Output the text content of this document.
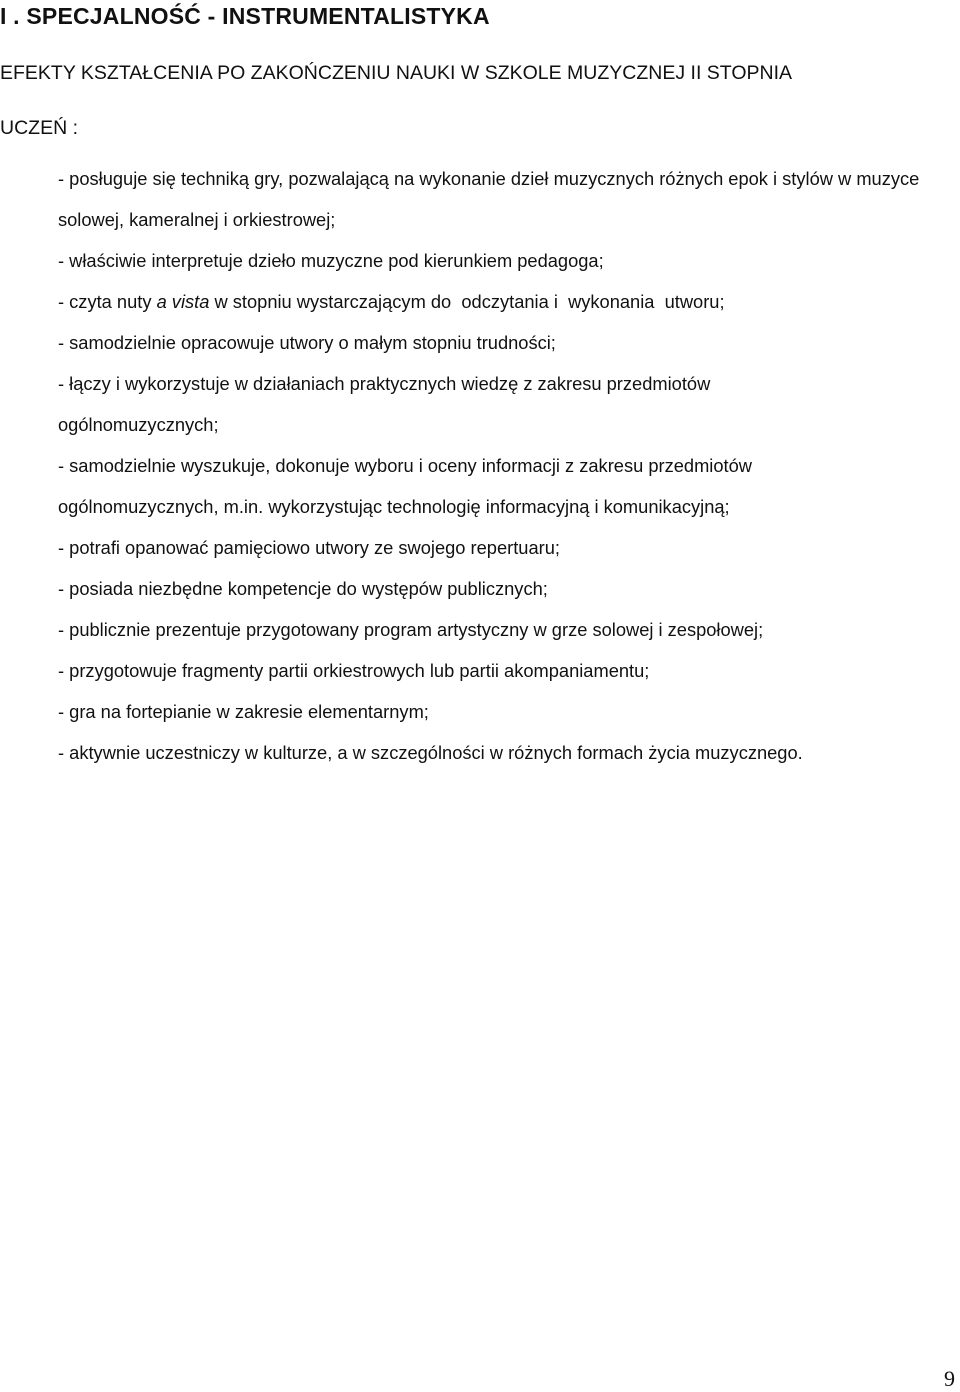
I . SPECJALNOŚĆ - INSTRUMENTALISTYKA
EFEKTY KSZTAŁCENIA PO ZAKOŃCZENIU NAUKI W SZKOLE MUZYCZNEJ II STOPNIA
UCZEŃ :
- posługuje się techniką gry, pozwalającą na wykonanie dzieł muzycznych różnych epok i stylów w muzyce solowej, kameralnej i orkiestrowej;
- właściwie interpretuje dzieło muzyczne pod kierunkiem pedagoga;
- czyta nuty a vista w stopniu wystarczającym do  odczytania i  wykonania  utworu;
- samodzielnie opracowuje utwory o małym stopniu trudności;
- łączy i wykorzystuje w działaniach praktycznych wiedzę z zakresu przedmiotów ogólnomuzycznych;
- samodzielnie wyszukuje, dokonuje wyboru i oceny informacji z zakresu przedmiotów ogólnomuzycznych, m.in. wykorzystując technologię informacyjną i komunikacyjną;
- potrafi opanować pamięciowo utwory ze swojego repertuaru;
- posiada niezbędne kompetencje do występów publicznych;
- publicznie prezentuje przygotowany program artystyczny w grze solowej i zespołowej;
- przygotowuje fragmenty partii orkiestrowych lub partii akompaniamentu;
- gra na fortepianie w zakresie elementarnym;
- aktywnie uczestniczy w kulturze, a w szczególności w różnych formach życia muzycznego.
9
